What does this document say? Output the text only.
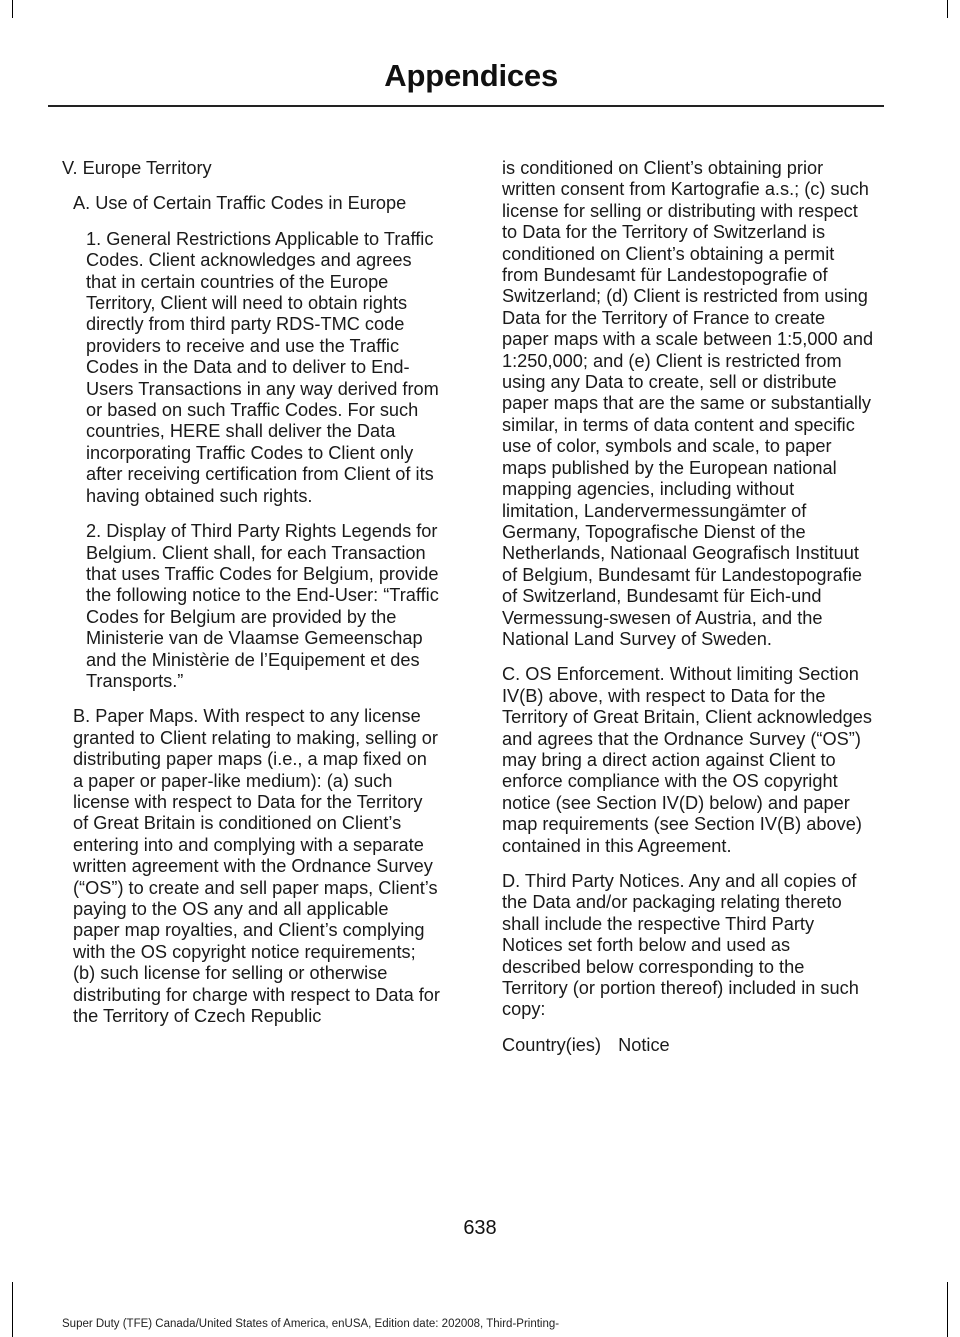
Appendices

V. Europe Territory

A. Use of Certain Traffic Codes in Europe

1. General Restrictions Applicable to Traffic Codes. Client acknowledges and agrees that in certain countries of the Europe Territory, Client will need to obtain rights directly from third party RDS-TMC code providers to receive and use the Traffic Codes in the Data and to deliver to End-Users Transactions in any way derived from or based on such Traffic Codes. For such countries, HERE shall deliver the Data incorporating Traffic Codes to Client only after receiving certification from Client of its having obtained such rights.

2. Display of Third Party Rights Legends for Belgium. Client shall, for each Transaction that uses Traffic Codes for Belgium, provide the following notice to the End-User: “Traffic Codes for Belgium are provided by the Ministerie van de Vlaamse Gemeenschap and the Ministèrie de l’Equipement et des Transports.”

B. Paper Maps. With respect to any license granted to Client relating to making, selling or distributing paper maps (i.e., a map fixed on a paper or paper-like medium): (a) such license with respect to Data for the Territory of Great Britain is conditioned on Client’s entering into and complying with a separate written agreement with the Ordnance Survey (“OS”) to create and sell paper maps, Client’s paying to the OS any and all applicable paper map royalties, and Client’s complying with the OS copyright notice requirements; (b) such license for selling or otherwise distributing for charge with respect to Data for the Territory of Czech Republic

is conditioned on Client’s obtaining prior written consent from Kartografie a.s.; (c) such license for selling or distributing with respect to Data for the Territory of Switzerland is conditioned on Client’s obtaining a permit from Bundesamt für Landestopografie of Switzerland; (d) Client is restricted from using Data for the Territory of France to create paper maps with a scale between 1:5,000 and 1:250,000; and (e) Client is restricted from using any Data to create, sell or distribute paper maps that are the same or substantially similar, in terms of data content and specific use of color, symbols and scale, to paper maps published by the European national mapping agencies, including without limitation, Landervermessungämter of Germany, Topografische Dienst of the Netherlands, Nationaal Geografisch Instituut of Belgium, Bundesamt für Landestopografie of Switzerland, Bundesamt für Eich-und Vermessung-swesen of Austria, and the National Land Survey of Sweden.

C. OS Enforcement. Without limiting Section IV(B) above, with respect to Data for the Territory of Great Britain, Client acknowledges and agrees that the Ordnance Survey (“OS”) may bring a direct action against Client to enforce compliance with the OS copyright notice (see Section IV(D) below) and paper map requirements (see Section IV(B) above) contained in this Agreement.

D. Third Party Notices. Any and all copies of the Data and/or packaging relating thereto shall include the respective Third Party Notices set forth below and used as described below corresponding to the Territory (or portion thereof) included in such copy:

Country(ies) Notice

638
Super Duty (TFE) Canada/United States of America, enUSA, Edition date: 202008, Third-Printing-
